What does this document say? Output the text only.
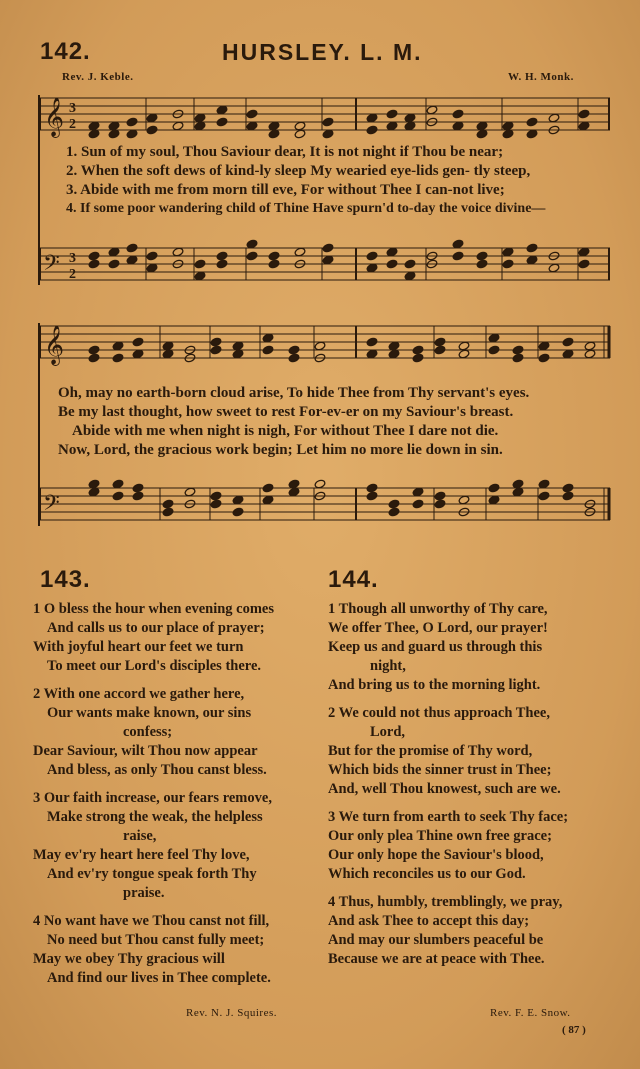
142.	HURSLEY. L. M.
Rev. J. Keble.	W. H. Monk.
𝄞 3
2
1. Sun of my soul, Thou Saviour dear, It is not night if Thou be near;
2. When the soft dews of kind-ly sleep My wearied eye-lids gen- tly steep,
3. Abide with me from morn till eve, For without Thee I can-not live;
4. If some poor wandering child of Thine Have spurn'd to-day the voice divine—
𝄢 3
2
𝄞
Oh, may no earth-born cloud arise, To hide Thee from Thy servant's eyes.
Be my last thought, how sweet to rest For-ev-er on my Saviour's breast.
Abide with me when night is nigh, For without Thee I dare not die.
Now, Lord, the gracious work begin; Let him no more lie down in sin.
𝄢
143.
1 O bless the hour when evening comes
And calls us to our place of prayer;
With joyful heart our feet we turn
To meet our Lord's disciples there.
2 With one accord we gather here,
Our wants make known, our sins
confess;
Dear Saviour, wilt Thou now appear
And bless, as only Thou canst bless.
3 Our faith increase, our fears remove,
Make strong the weak, the helpless
raise,
May ev'ry heart here feel Thy love,
And ev'ry tongue speak forth Thy
praise.
4 No want have we Thou canst not fill,
No need but Thou canst fully meet;
May we obey Thy gracious will
And find our lives in Thee complete.
Rev. N. J. Squires.
144.
1 Though all unworthy of Thy care,
We offer Thee, O Lord, our prayer!
Keep us and guard us through this
night,
And bring us to the morning light.
2 We could not thus approach Thee,
Lord,
But for the promise of Thy word,
Which bids the sinner trust in Thee;
And, well Thou knowest, such are we.
3 We turn from earth to seek Thy face;
Our only plea Thine own free grace;
Our only hope the Saviour's blood,
Which reconciles us to our God.
4 Thus, humbly, tremblingly, we pray,
And ask Thee to accept this day;
And may our slumbers peaceful be
Because we are at peace with Thee.
Rev. F. E. Snow.
( 87 )
